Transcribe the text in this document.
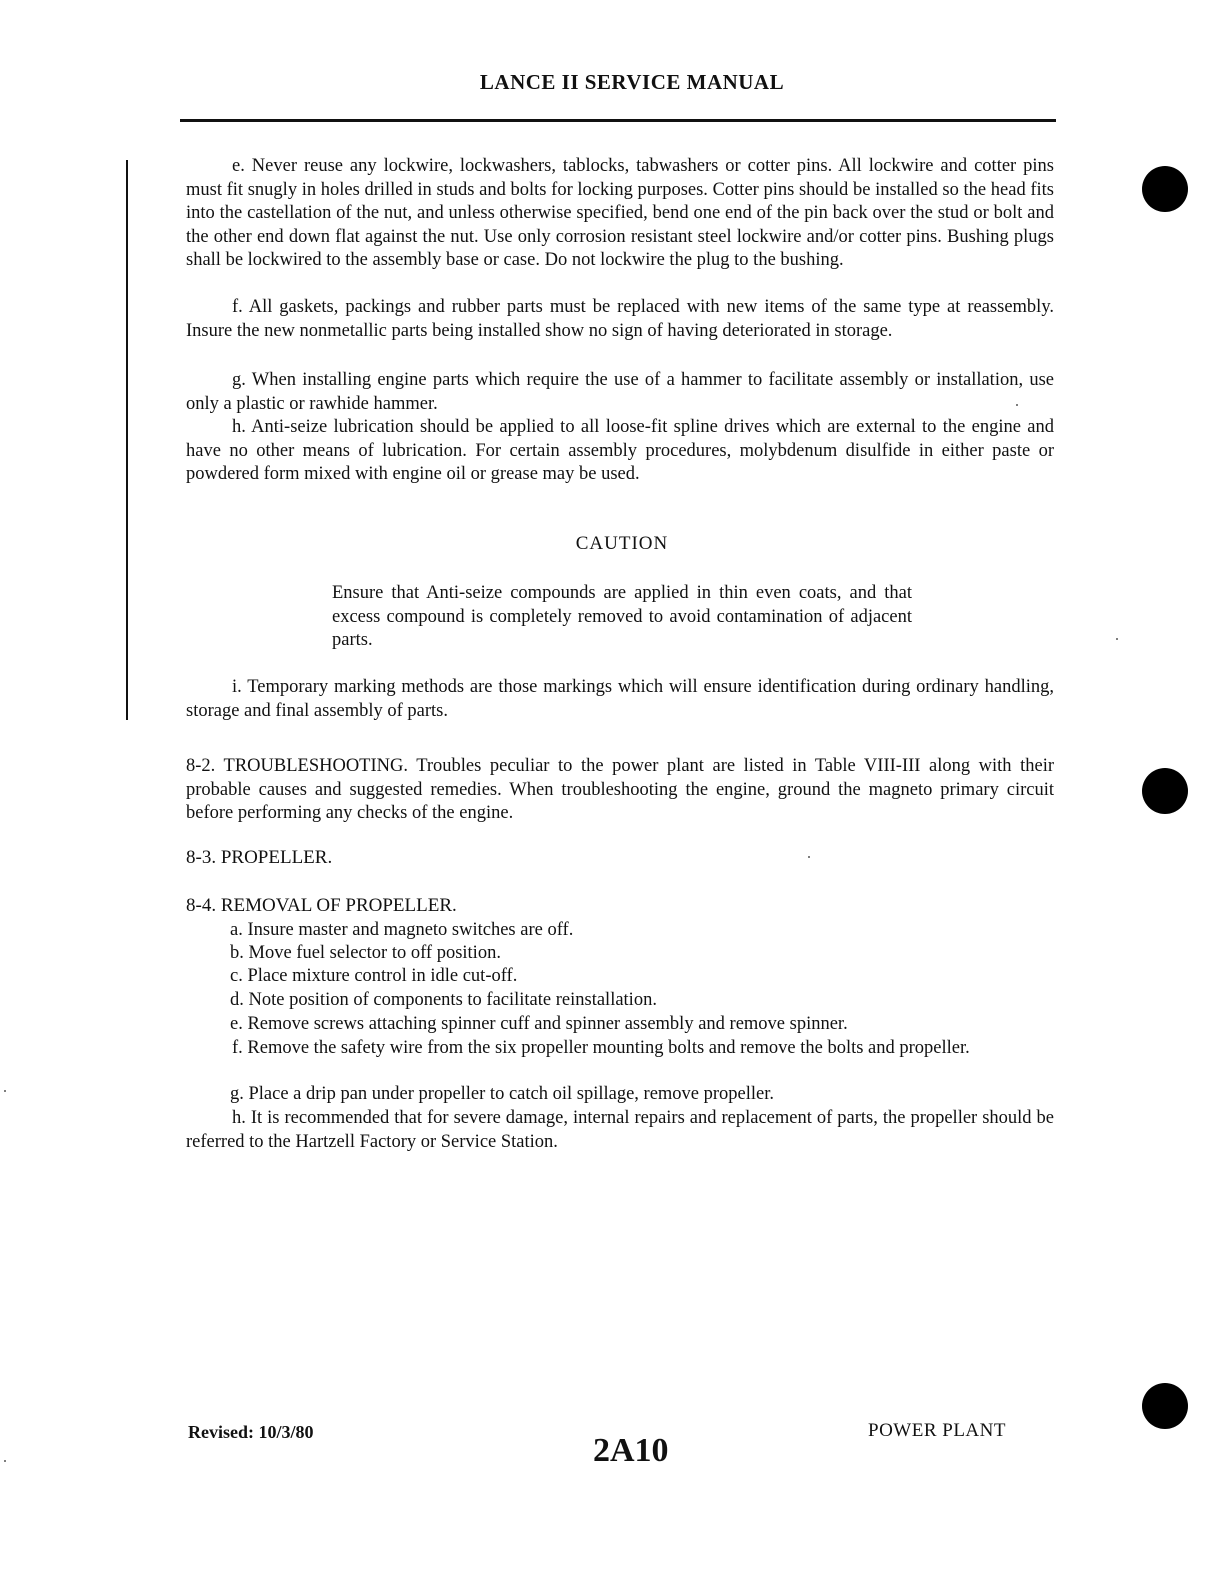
LANCE II SERVICE MANUAL

e. Never reuse any lockwire, lockwashers, tablocks, tabwashers or cotter pins. All lockwire and cotter pins must fit snugly in holes drilled in studs and bolts for locking purposes. Cotter pins should be installed so the head fits into the castellation of the nut, and unless otherwise specified, bend one end of the pin back over the stud or bolt and the other end down flat against the nut. Use only corrosion resistant steel lockwire and/or cotter pins. Bushing plugs shall be lockwired to the assembly base or case. Do not lockwire the plug to the bushing.

f. All gaskets, packings and rubber parts must be replaced with new items of the same type at reassembly. Insure the new nonmetallic parts being installed show no sign of having deteriorated in storage.

g. When installing engine parts which require the use of a hammer to facilitate assembly or installation, use only a plastic or rawhide hammer.

h. Anti-seize lubrication should be applied to all loose-fit spline drives which are external to the engine and have no other means of lubrication. For certain assembly procedures, molybdenum disulfide in either paste or powdered form mixed with engine oil or grease may be used.

CAUTION

Ensure that Anti-seize compounds are applied in thin even coats, and that excess compound is completely removed to avoid contamination of adjacent parts.

i. Temporary marking methods are those markings which will ensure identification during ordinary handling, storage and final assembly of parts.

8-2. TROUBLESHOOTING. Troubles peculiar to the power plant are listed in Table VIII-III along with their probable causes and suggested remedies. When troubleshooting the engine, ground the magneto primary circuit before performing any checks of the engine.

8-3. PROPELLER.

8-4. REMOVAL OF PROPELLER.

a. Insure master and magneto switches are off.

b. Move fuel selector to off position.

c. Place mixture control in idle cut-off.

d. Note position of components to facilitate reinstallation.

e. Remove screws attaching spinner cuff and spinner assembly and remove spinner.

f. Remove the safety wire from the six propeller mounting bolts and remove the bolts and propeller.

g. Place a drip pan under propeller to catch oil spillage, remove propeller.

h. It is recommended that for severe damage, internal repairs and replacement of parts, the propeller should be referred to the Hartzell Factory or Service Station.

Revised: 10/3/80	2A10
POWER PLANT
